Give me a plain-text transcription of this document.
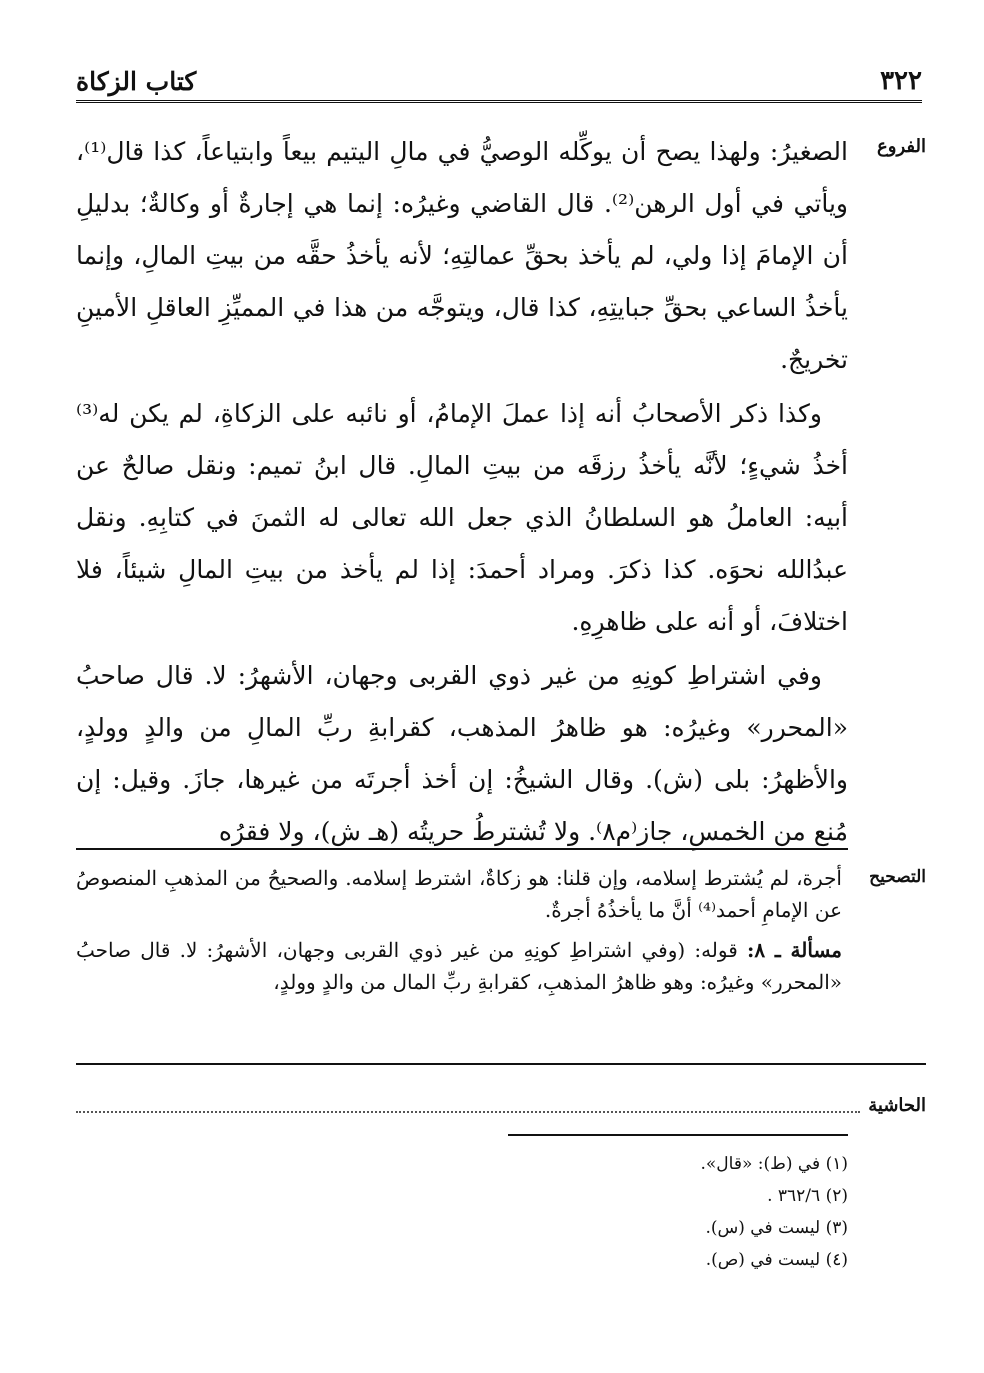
٣٢٢
كتاب الزكاة
الفروع

الصغيرُ: ولهذا يصح أن يوكِّله الوصيُّ في مالِ اليتيم بيعاً وابتياعاً، كذا قال⁽¹⁾، ويأتي في أول الرهن⁽²⁾. قال القاضي وغيرُه: إنما هي إجارةٌ أو وكالةٌ؛ بدليلِ أن الإمامَ إذا ولي، لم يأخذ بحقِّ عمالتِهِ؛ لأنه يأخذُ حقَّه من بيتِ المالِ، وإنما يأخذُ الساعي بحقِّ جبايتِهِ، كذا قال، ويتوجَّه من هذا في المميِّزِ العاقلِ الأمينِ تخريجٌ.

وكذا ذكر الأصحابُ أنه إذا عملَ الإمامُ، أو نائبه على الزكاةِ، لم يكن له⁽³⁾ أخذُ شيءٍ؛ لأنَّه يأخذُ رزقَه من بيتِ المالِ. قال ابنُ تميم: ونقل صالحٌ عن أبيه: العاملُ هو السلطانُ الذي جعل الله تعالى له الثمنَ في كتابِهِ. ونقل عبدُالله نحوَه. كذا ذكرَ. ومراد أحمدَ: إذا لم يأخذ من بيتِ المالِ شيئاً، فلا اختلافَ، أو أنه على ظاهرِهِ.

وفي اشتراطِ كونِهِ من غير ذوي القربى وجهان، الأشهرُ: لا. قال صاحبُ «المحرر» وغيرُه: هو ظاهرُ المذهب، كقرابةِ ربِّ المالِ من والدٍ وولدٍ، والأظهرُ: بلى (ش). وقال الشيخُ: إن أخذ أجرتَه من غيرها، جازَ. وقيل: إن مُنع من الخمسِ، جاز⁽م٨⁾. ولا تُشترطُ حريتُه (هـ ش)، ولا فقرُه

التصحيح

أجرة، لم يُشترط إسلامه، وإن قلنا: هو زكاةٌ، اشترط إسلامه. والصحيحُ من المذهبِ المنصوصُ عن الإمامِ أحمد⁽⁴⁾ أنَّ ما يأخذُهُ أجرةٌ.

مسألة ـ ٨: قوله: (وفي اشتراطِ كونِهِ من غير ذوي القربى وجهان، الأشهرُ: لا. قال صاحبُ «المحرر» وغيرُه: وهو ظاهرُ المذهبِ، كقرابةِ ربِّ المال من والدٍ وولدٍ،

الحاشية
(١) في (ط): «قال».
(٢) ٣٦٢/٦ .
(٣) ليست في (س).
(٤) ليست في (ص).
